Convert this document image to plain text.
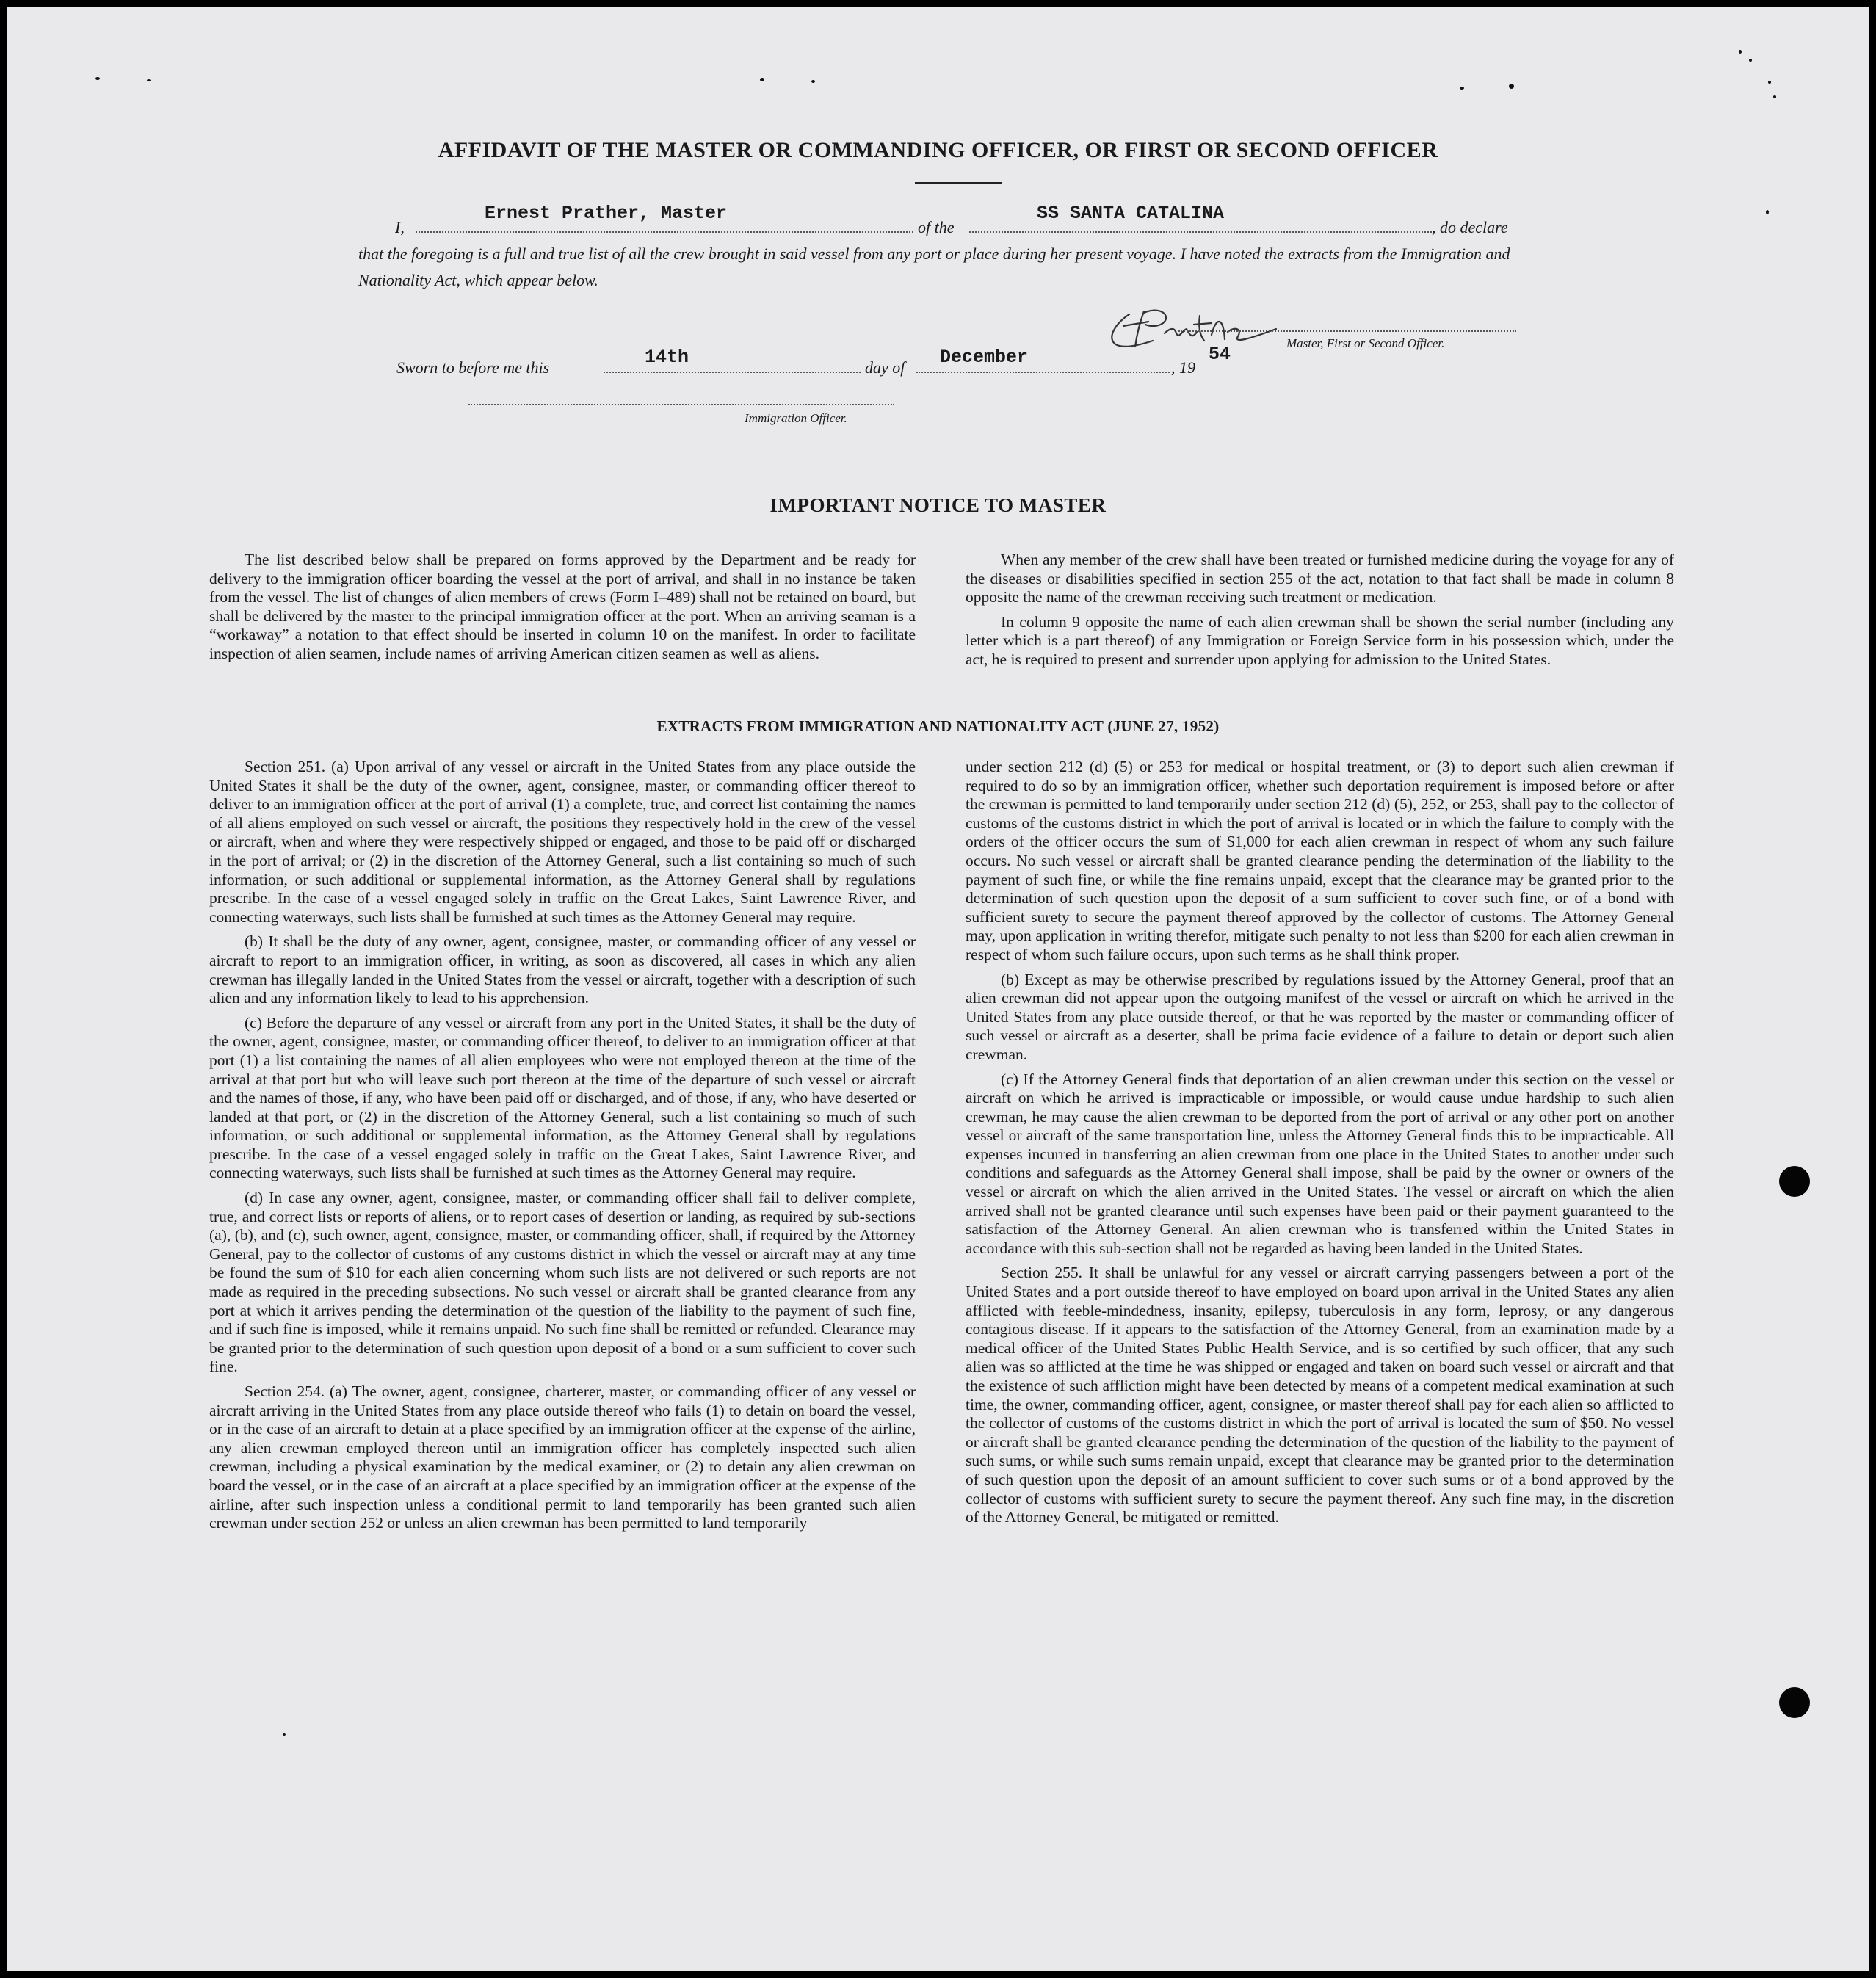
AFFIDAVIT OF THE MASTER OR COMMANDING OFFICER, OR FIRST OR SECOND OFFICER
I,
Ernest Prather, Master
of the
SS SANTA CATALINA
, do declare
that the foregoing is a full and true list of all the crew brought in said vessel from any port or place during her present voyage. I have noted the extracts from the Immigration and Nationality Act, which appear below.
Master, First or Second Officer.
Sworn to before me this	14th	day of December	, 19
54
Immigration Officer.
IMPORTANT NOTICE TO MASTER

The list described below shall be prepared on forms approved by the Department and be ready for delivery to the immigration officer boarding the vessel at the port of arrival, and shall in no instance be taken from the vessel. The list of changes of alien members of crews (Form I–489) shall not be retained on board, but shall be delivered by the master to the principal immigration officer at the port. When an arriving seaman is a “workaway” a notation to that effect should be inserted in column 10 on the manifest. In order to facilitate inspection of alien seamen, include names of arriving American citizen seamen as well as aliens.

When any member of the crew shall have been treated or furnished medicine during the voyage for any of the diseases or disabilities specified in section 255 of the act, notation to that fact shall be made in column 8 opposite the name of the crewman receiving such treatment or medication.

In column 9 opposite the name of each alien crewman shall be shown the serial number (including any letter which is a part thereof) of any Immigration or Foreign Service form in his possession which, under the act, he is required to present and surrender upon applying for admission to the United States.

EXTRACTS FROM IMMIGRATION AND NATIONALITY ACT (JUNE 27, 1952)

Section 251. (a) Upon arrival of any vessel or aircraft in the United States from any place outside the United States it shall be the duty of the owner, agent, consignee, master, or commanding officer thereof to deliver to an immigration officer at the port of arrival (1) a complete, true, and correct list containing the names of all aliens employed on such vessel or aircraft, the positions they respectively hold in the crew of the vessel or aircraft, when and where they were respectively shipped or engaged, and those to be paid off or discharged in the port of arrival; or (2) in the discretion of the Attorney General, such a list containing so much of such information, or such additional or supplemental information, as the Attorney General shall by regulations prescribe. In the case of a vessel engaged solely in traffic on the Great Lakes, Saint Lawrence River, and connecting waterways, such lists shall be furnished at such times as the Attorney General may require.

(b) It shall be the duty of any owner, agent, consignee, master, or commanding officer of any vessel or aircraft to report to an immigration officer, in writing, as soon as discovered, all cases in which any alien crewman has illegally landed in the United States from the vessel or aircraft, together with a description of such alien and any information likely to lead to his apprehension.

(c) Before the departure of any vessel or aircraft from any port in the United States, it shall be the duty of the owner, agent, consignee, master, or commanding officer thereof, to deliver to an immigration officer at that port (1) a list containing the names of all alien employees who were not employed thereon at the time of the arrival at that port but who will leave such port thereon at the time of the departure of such vessel or aircraft and the names of those, if any, who have been paid off or discharged, and of those, if any, who have deserted or landed at that port, or (2) in the discretion of the Attorney General, such a list containing so much of such information, or such additional or supplemental information, as the Attorney General shall by regulations prescribe. In the case of a vessel engaged solely in traffic on the Great Lakes, Saint Lawrence River, and connecting waterways, such lists shall be furnished at such times as the Attorney General may require.

(d) In case any owner, agent, consignee, master, or commanding officer shall fail to deliver complete, true, and correct lists or reports of aliens, or to report cases of desertion or landing, as required by sub-sections (a), (b), and (c), such owner, agent, consignee, master, or commanding officer, shall, if required by the Attorney General, pay to the collector of customs of any customs district in which the vessel or aircraft may at any time be found the sum of $10 for each alien concerning whom such lists are not delivered or such reports are not made as required in the preceding subsections. No such vessel or aircraft shall be granted clearance from any port at which it arrives pending the determination of the question of the liability to the payment of such fine, and if such fine is imposed, while it remains unpaid. No such fine shall be remitted or refunded. Clearance may be granted prior to the determination of such question upon deposit of a bond or a sum sufficient to cover such fine.

Section 254. (a) The owner, agent, consignee, charterer, master, or commanding officer of any vessel or aircraft arriving in the United States from any place outside thereof who fails (1) to detain on board the vessel, or in the case of an aircraft to detain at a place specified by an immigration officer at the expense of the airline, any alien crewman employed thereon until an immigration officer has completely inspected such alien crewman, including a physical examination by the medical examiner, or (2) to detain any alien crewman on board the vessel, or in the case of an aircraft at a place specified by an immigration officer at the expense of the airline, after such inspection unless a conditional permit to land temporarily has been granted such alien crewman under section 252 or unless an alien crewman has been permitted to land temporarily

under section 212 (d) (5) or 253 for medical or hospital treatment, or (3) to deport such alien crewman if required to do so by an immigration officer, whether such deportation requirement is imposed before or after the crewman is permitted to land temporarily under section 212 (d) (5), 252, or 253, shall pay to the collector of customs of the customs district in which the port of arrival is located or in which the failure to comply with the orders of the officer occurs the sum of $1,000 for each alien crewman in respect of whom any such failure occurs. No such vessel or aircraft shall be granted clearance pending the determination of the liability to the payment of such fine, or while the fine remains unpaid, except that the clearance may be granted prior to the determination of such question upon the deposit of a sum sufficient to cover such fine, or of a bond with sufficient surety to secure the payment thereof approved by the collector of customs. The Attorney General may, upon application in writing therefor, mitigate such penalty to not less than $200 for each alien crewman in respect of whom such failure occurs, upon such terms as he shall think proper.

(b) Except as may be otherwise prescribed by regulations issued by the Attorney General, proof that an alien crewman did not appear upon the outgoing manifest of the vessel or aircraft on which he arrived in the United States from any place outside thereof, or that he was reported by the master or commanding officer of such vessel or aircraft as a deserter, shall be prima facie evidence of a failure to detain or deport such alien crewman.

(c) If the Attorney General finds that deportation of an alien crewman under this section on the vessel or aircraft on which he arrived is impracticable or impossible, or would cause undue hardship to such alien crewman, he may cause the alien crewman to be deported from the port of arrival or any other port on another vessel or aircraft of the same transportation line, unless the Attorney General finds this to be impracticable. All expenses incurred in transferring an alien crewman from one place in the United States to another under such conditions and safeguards as the Attorney General shall impose, shall be paid by the owner or owners of the vessel or aircraft on which the alien arrived in the United States. The vessel or aircraft on which the alien arrived shall not be granted clearance until such expenses have been paid or their payment guaranteed to the satisfaction of the Attorney General. An alien crewman who is transferred within the United States in accordance with this sub-section shall not be regarded as having been landed in the United States.

Section 255. It shall be unlawful for any vessel or aircraft carrying passengers between a port of the United States and a port outside thereof to have employed on board upon arrival in the United States any alien afflicted with feeble-mindedness, insanity, epilepsy, tuberculosis in any form, leprosy, or any dangerous contagious disease. If it appears to the satisfaction of the Attorney General, from an examination made by a medical officer of the United States Public Health Service, and is so certified by such officer, that any such alien was so afflicted at the time he was shipped or engaged and taken on board such vessel or aircraft and that the existence of such affliction might have been detected by means of a competent medical examination at such time, the owner, commanding officer, agent, consignee, or master thereof shall pay for each alien so afflicted to the collector of customs of the customs district in which the port of arrival is located the sum of $50. No vessel or aircraft shall be granted clearance pending the determination of the question of the liability to the payment of such sums, or while such sums remain unpaid, except that clearance may be granted prior to the determination of such question upon the deposit of an amount sufficient to cover such sums or of a bond approved by the collector of customs with sufficient surety to secure the payment thereof. Any such fine may, in the discretion of the Attorney General, be mitigated or remitted.
